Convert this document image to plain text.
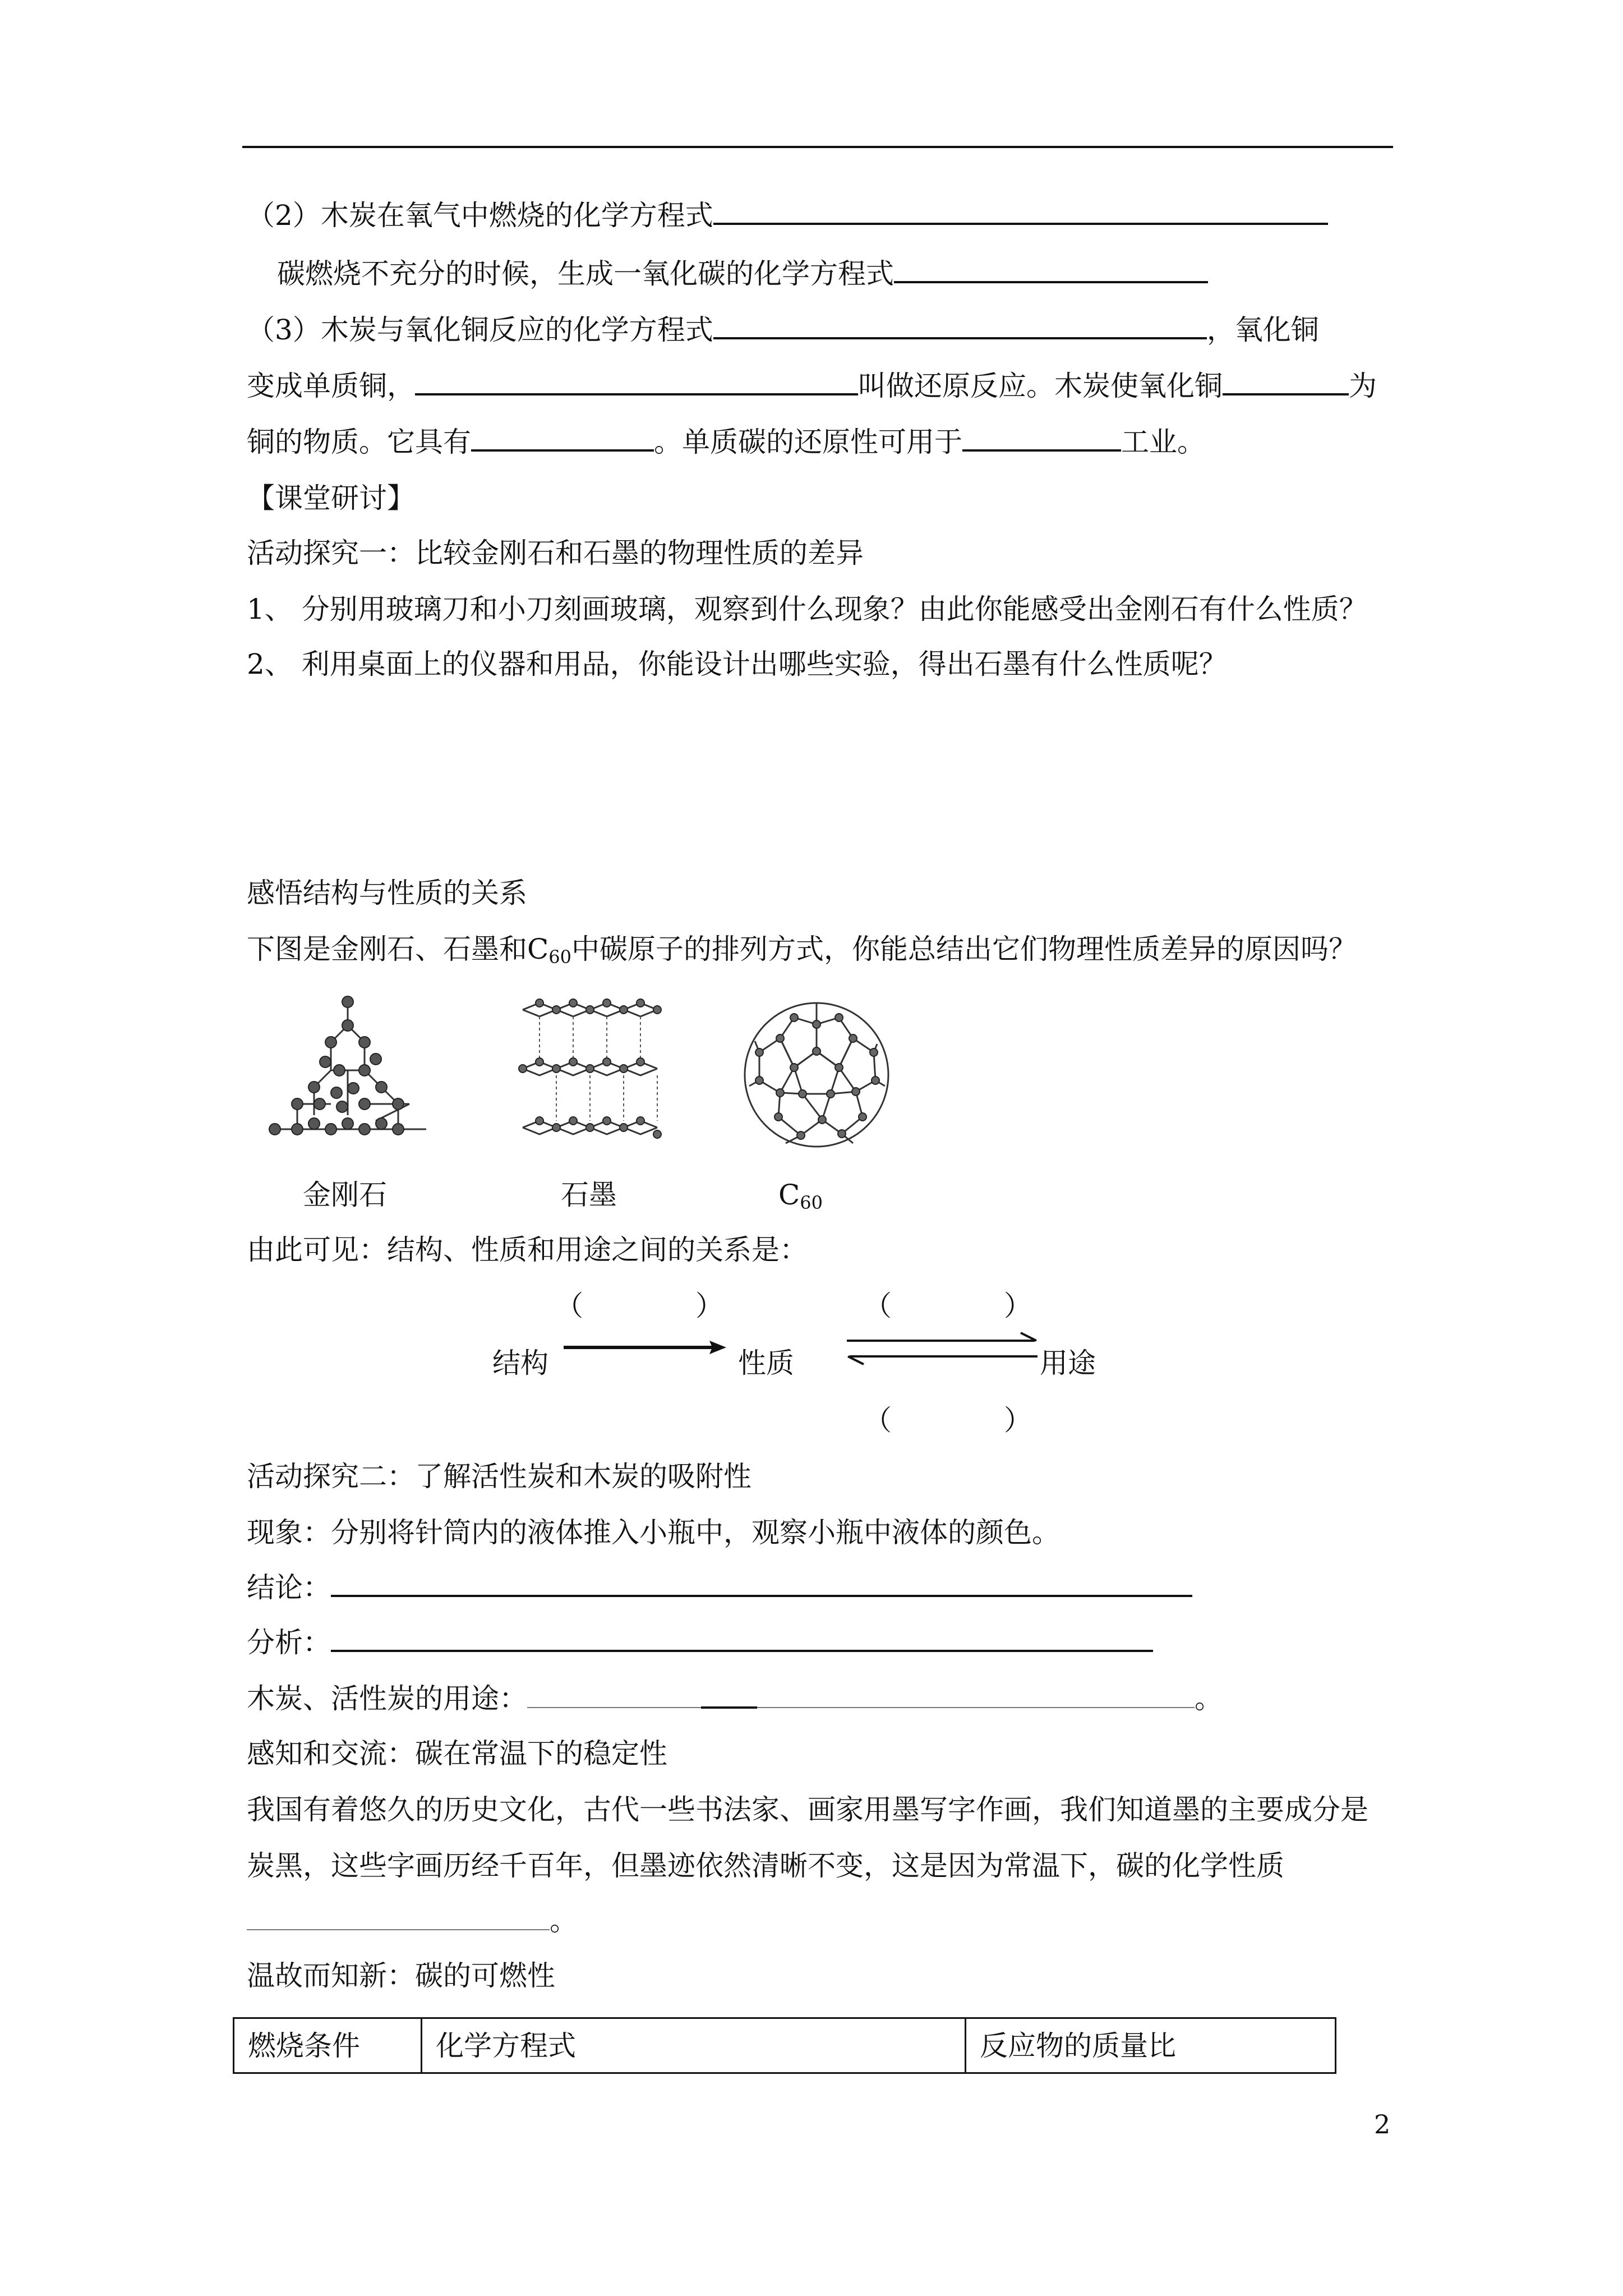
（2）木炭在氧气中燃烧的化学方程式
碳燃烧不充分的时候，生成一氧化碳的化学方程式
（3）木炭与氧化铜反应的化学方程式	，氧化铜
变成单质铜，	叫做还原反应。木炭使氧化铜	为
铜的物质。它具有	。单质碳的还原性可用于	工业。
【课堂研讨】
活动探究一：比较金刚石和石墨的物理性质的差异
1、 分别用玻璃刀和小刀刻画玻璃，观察到什么现象？由此你能感受出金刚石有什么性质？
2、 利用桌面上的仪器和用品，你能设计出哪些实验，得出石墨有什么性质呢？
感悟结构与性质的关系
下图是金刚石、石墨和$C_{60}$中碳原子的排列方式，你能总结出它们物理性质差异的原因吗？
金刚石	石墨	$C_{60}$
由此可见：结构、性质和用途之间的关系是：
（　　　　）	（　　　　）
结构	性质	用途
（　　　　）
活动探究二：了解活性炭和木炭的吸附性
现象：分别将针筒内的液体推入小瓶中，观察小瓶中液体的颜色。
结论：
分析：
木炭、活性炭的用途：	。
感知和交流：碳在常温下的稳定性
我国有着悠久的历史文化，古代一些书法家、画家用墨写字作画，我们知道墨的主要成分是
炭黑，这些字画历经千百年，但墨迹依然清晰不变，这是因为常温下，碳的化学性质
。
温故而知新：碳的可燃性
燃烧条件	化学方程式	反应物的质量比
2
